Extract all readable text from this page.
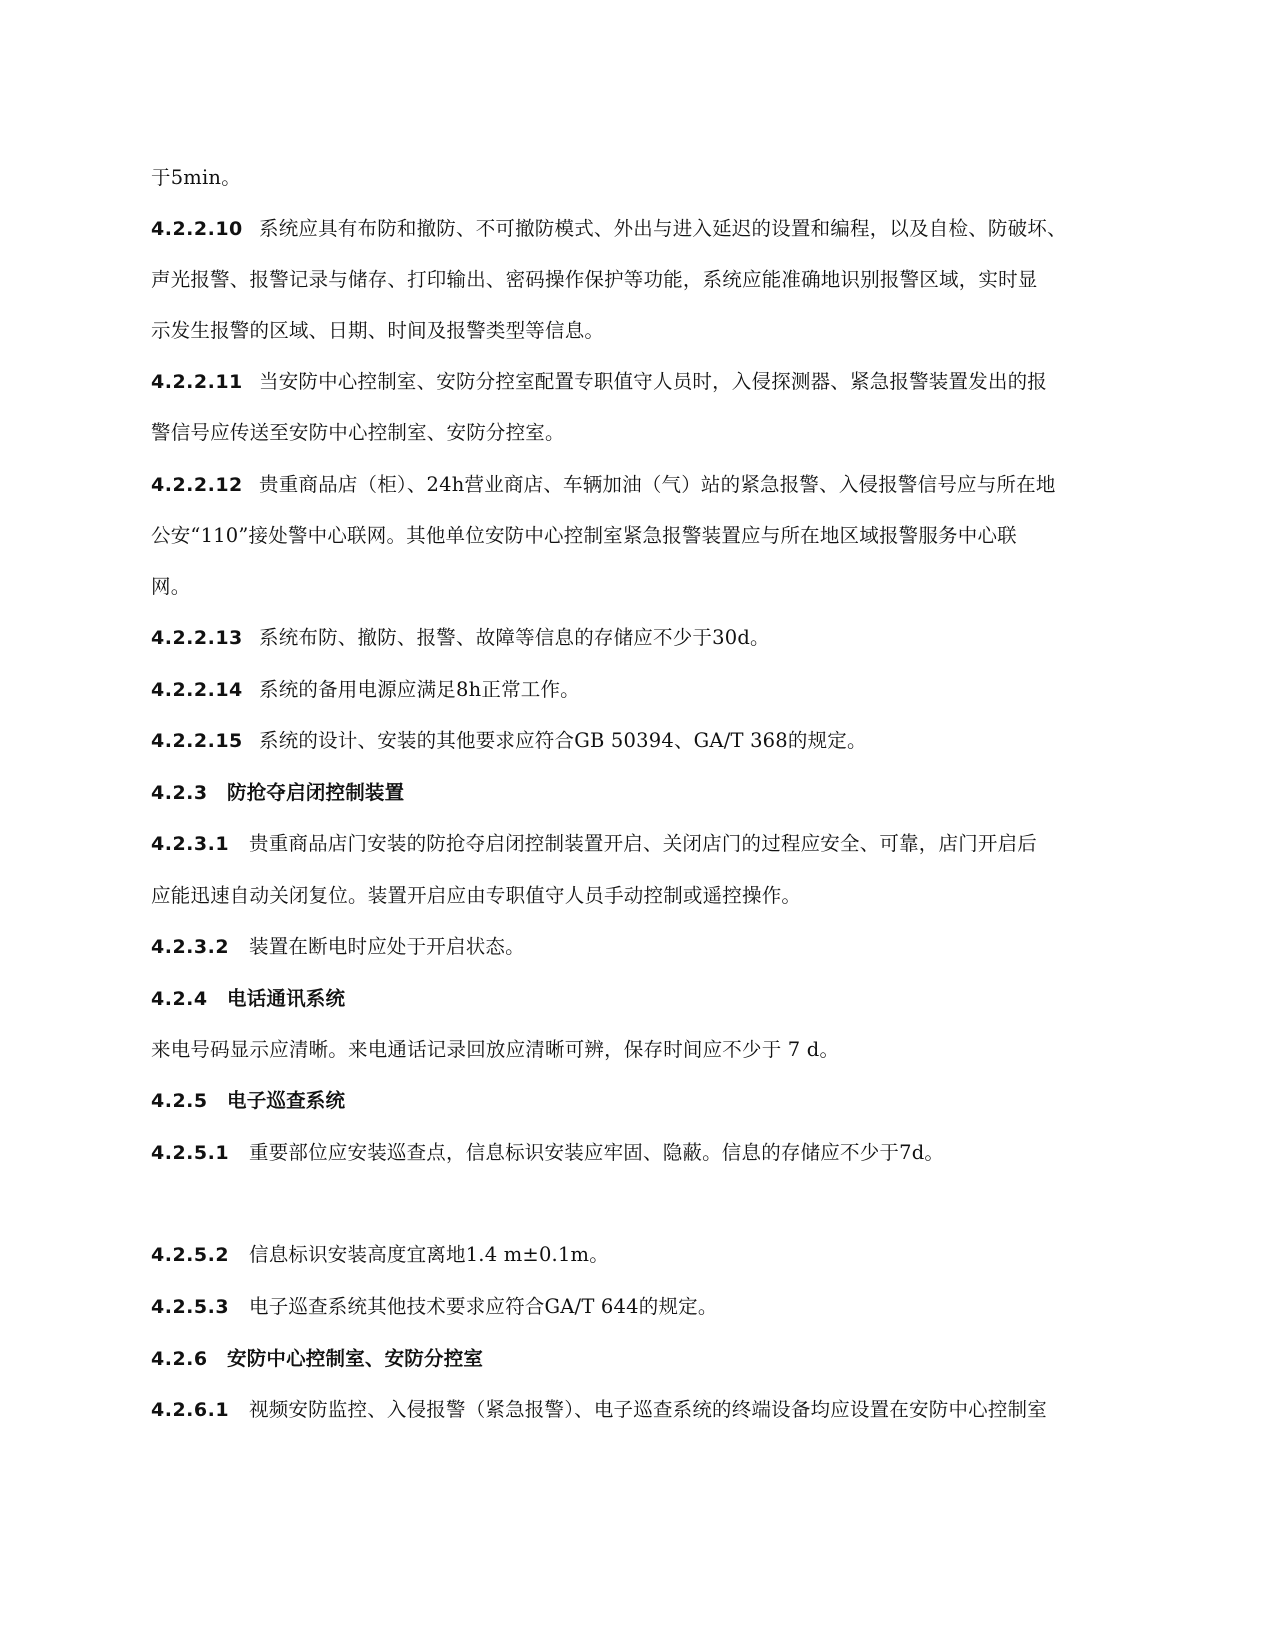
于5min。
4.2.2.10 系统应具有布防和撤防、不可撤防模式、外出与进入延迟的设置和编程，以及自检、防破坏、
声光报警、报警记录与储存、打印输出、密码操作保护等功能，系统应能准确地识别报警区域，实时显
示发生报警的区域、日期、时间及报警类型等信息。
4.2.2.11 当安防中心控制室、安防分控室配置专职值守人员时，入侵探测器、紧急报警装置发出的报
警信号应传送至安防中心控制室、安防分控室。
4.2.2.12 贵重商品店（柜）、24h营业商店、车辆加油（气）站的紧急报警、入侵报警信号应与所在地
公安“110”接处警中心联网。其他单位安防中心控制室紧急报警装置应与所在地区域报警服务中心联
网。
4.2.2.13 系统布防、撤防、报警、故障等信息的存储应不少于30d。
4.2.2.14 系统的备用电源应满足8h正常工作。
4.2.2.15 系统的设计、安装的其他要求应符合GB 50394、GA/T 368的规定。
4.2.3 防抢夺启闭控制装置
4.2.3.1 贵重商品店门安装的防抢夺启闭控制装置开启、关闭店门的过程应安全、可靠，店门开启后
应能迅速自动关闭复位。装置开启应由专职值守人员手动控制或遥控操作。
4.2.3.2 装置在断电时应处于开启状态。
4.2.4 电话通讯系统
来电号码显示应清晰。来电通话记录回放应清晰可辨，保存时间应不少于 7 d。
4.2.5 电子巡查系统
4.2.5.1 重要部位应安装巡查点，信息标识安装应牢固、隐蔽。信息的存储应不少于7d。
4.2.5.2 信息标识安装高度宜离地1.4 m±0.1m。
4.2.5.3 电子巡查系统其他技术要求应符合GA/T 644的规定。
4.2.6 安防中心控制室、安防分控室
4.2.6.1 视频安防监控、入侵报警（紧急报警）、电子巡查系统的终端设备均应设置在安防中心控制室
